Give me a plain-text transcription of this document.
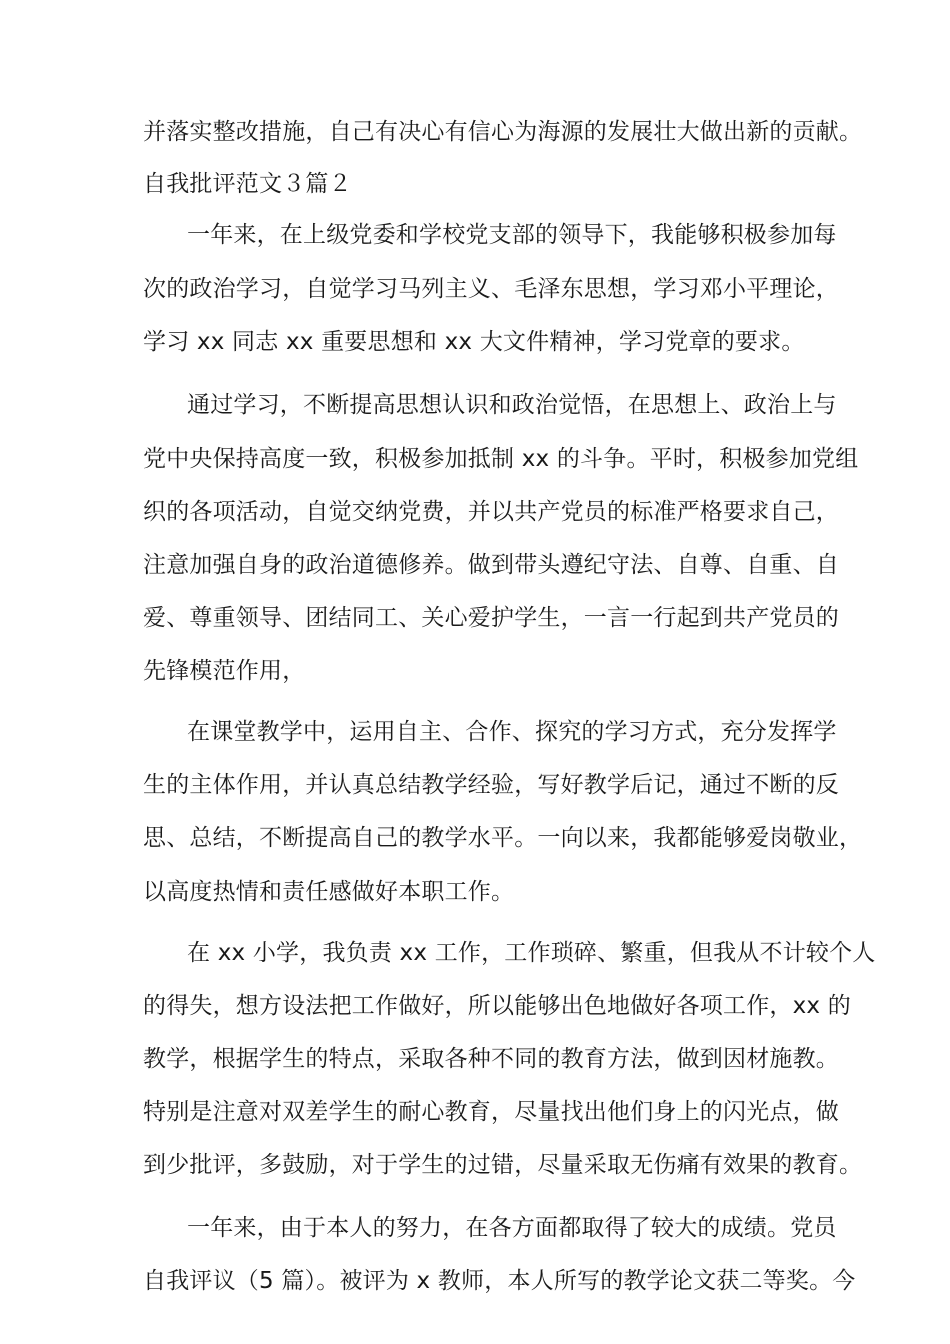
并落实整改措施，自己有决心有信心为海源的发展壮大做出新的贡献。
自我批评范文３篇２
一年来，在上级党委和学校党支部的领导下，我能够积极参加每
次的政治学习，自觉学习马列主义、毛泽东思想，学习邓小平理论，
学习 xx 同志 xx 重要思想和 xx 大文件精神，学习党章的要求。
通过学习，不断提高思想认识和政治觉悟，在思想上、政治上与
党中央保持高度一致，积极参加抵制 xx 的斗争。平时，积极参加党组
织的各项活动，自觉交纳党费，并以共产党员的标准严格要求自己，
注意加强自身的政治道德修养。做到带头遵纪守法、自尊、自重、自
爱、尊重领导、团结同工、关心爱护学生，一言一行起到共产党员的
先锋模范作用，
在课堂教学中，运用自主、合作、探究的学习方式，充分发挥学
生的主体作用，并认真总结教学经验，写好教学后记，通过不断的反
思、总结，不断提高自己的教学水平。一向以来，我都能够爱岗敬业，
以高度热情和责任感做好本职工作。
在 xx 小学，我负责 xx 工作，工作琐碎、繁重，但我从不计较个人
的得失，想方设法把工作做好，所以能够出色地做好各项工作，xx 的
教学，根据学生的特点，采取各种不同的教育方法，做到因材施教。
特别是注意对双差学生的耐心教育，尽量找出他们身上的闪光点，做
到少批评，多鼓励，对于学生的过错，尽量采取无伤痛有效果的教育。
一年来，由于本人的努力，在各方面都取得了较大的成绩。党员
自我评议（5 篇）。被评为 x 教师，本人所写的教学论文获二等奖。今
